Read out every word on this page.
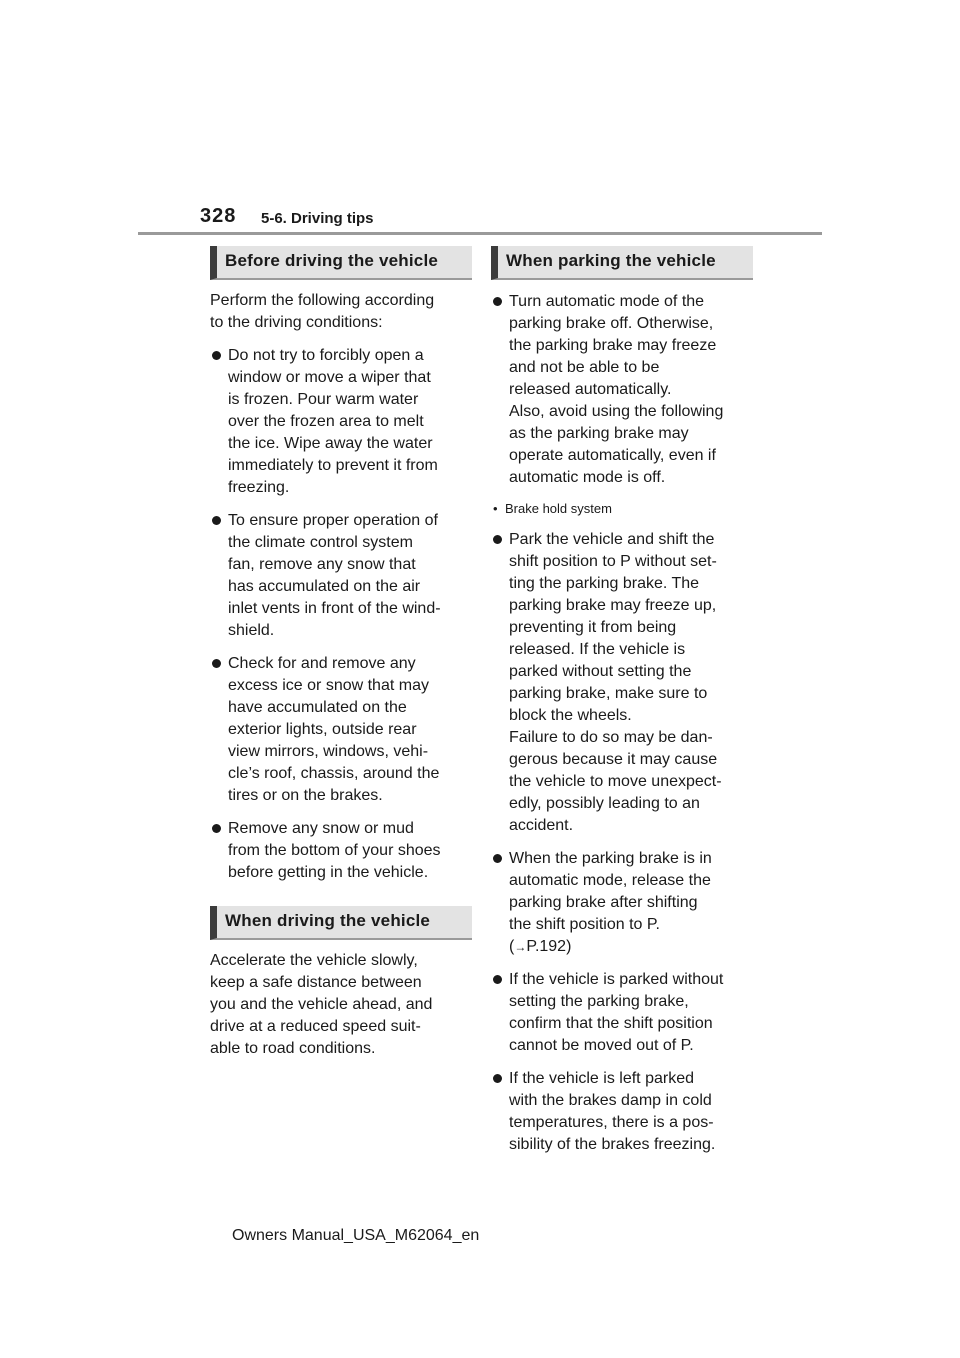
328 5-6. Driving tips
Before driving the vehicle

Perform the following according
to the driving conditions:

Do not try to forcibly open a
window or move a wiper that
is frozen. Pour warm water
over the frozen area to melt
the ice. Wipe away the water
immediately to prevent it from
freezing.
To ensure proper operation of
the climate control system
fan, remove any snow that
has accumulated on the air
inlet vents in front of the wind-
shield.
Check for and remove any
excess ice or snow that may
have accumulated on the
exterior lights, outside rear
view mirrors, windows, vehi-
cle’s roof, chassis, around the
tires or on the brakes.
Remove any snow or mud
from the bottom of your shoes
before getting in the vehicle.
When driving the vehicle

Accelerate the vehicle slowly,
keep a safe distance between
you and the vehicle ahead, and
drive at a reduced speed suit-
able to road conditions.

When parking the vehicle
Turn automatic mode of the
parking brake off. Otherwise,
the parking brake may freeze
and not be able to be
released automatically.
Also, avoid using the following
as the parking brake may
operate automatically, even if
automatic mode is off.
• Brake hold system
Park the vehicle and shift the
shift position to P without set-
ting the parking brake. The
parking brake may freeze up,
preventing it from being
released. If the vehicle is
parked without setting the
parking brake, make sure to
block the wheels.
Failure to do so may be dan-
gerous because it may cause
the vehicle to move unexpect-
edly, possibly leading to an
accident.
When the parking brake is in
automatic mode, release the
parking brake after shifting
the shift position to P.
(→P.192)
If the vehicle is parked without
setting the parking brake,
confirm that the shift position
cannot be moved out of P.
If the vehicle is left parked
with the brakes damp in cold
temperatures, there is a pos-
sibility of the brakes freezing.
Owners Manual_USA_M62064_en
